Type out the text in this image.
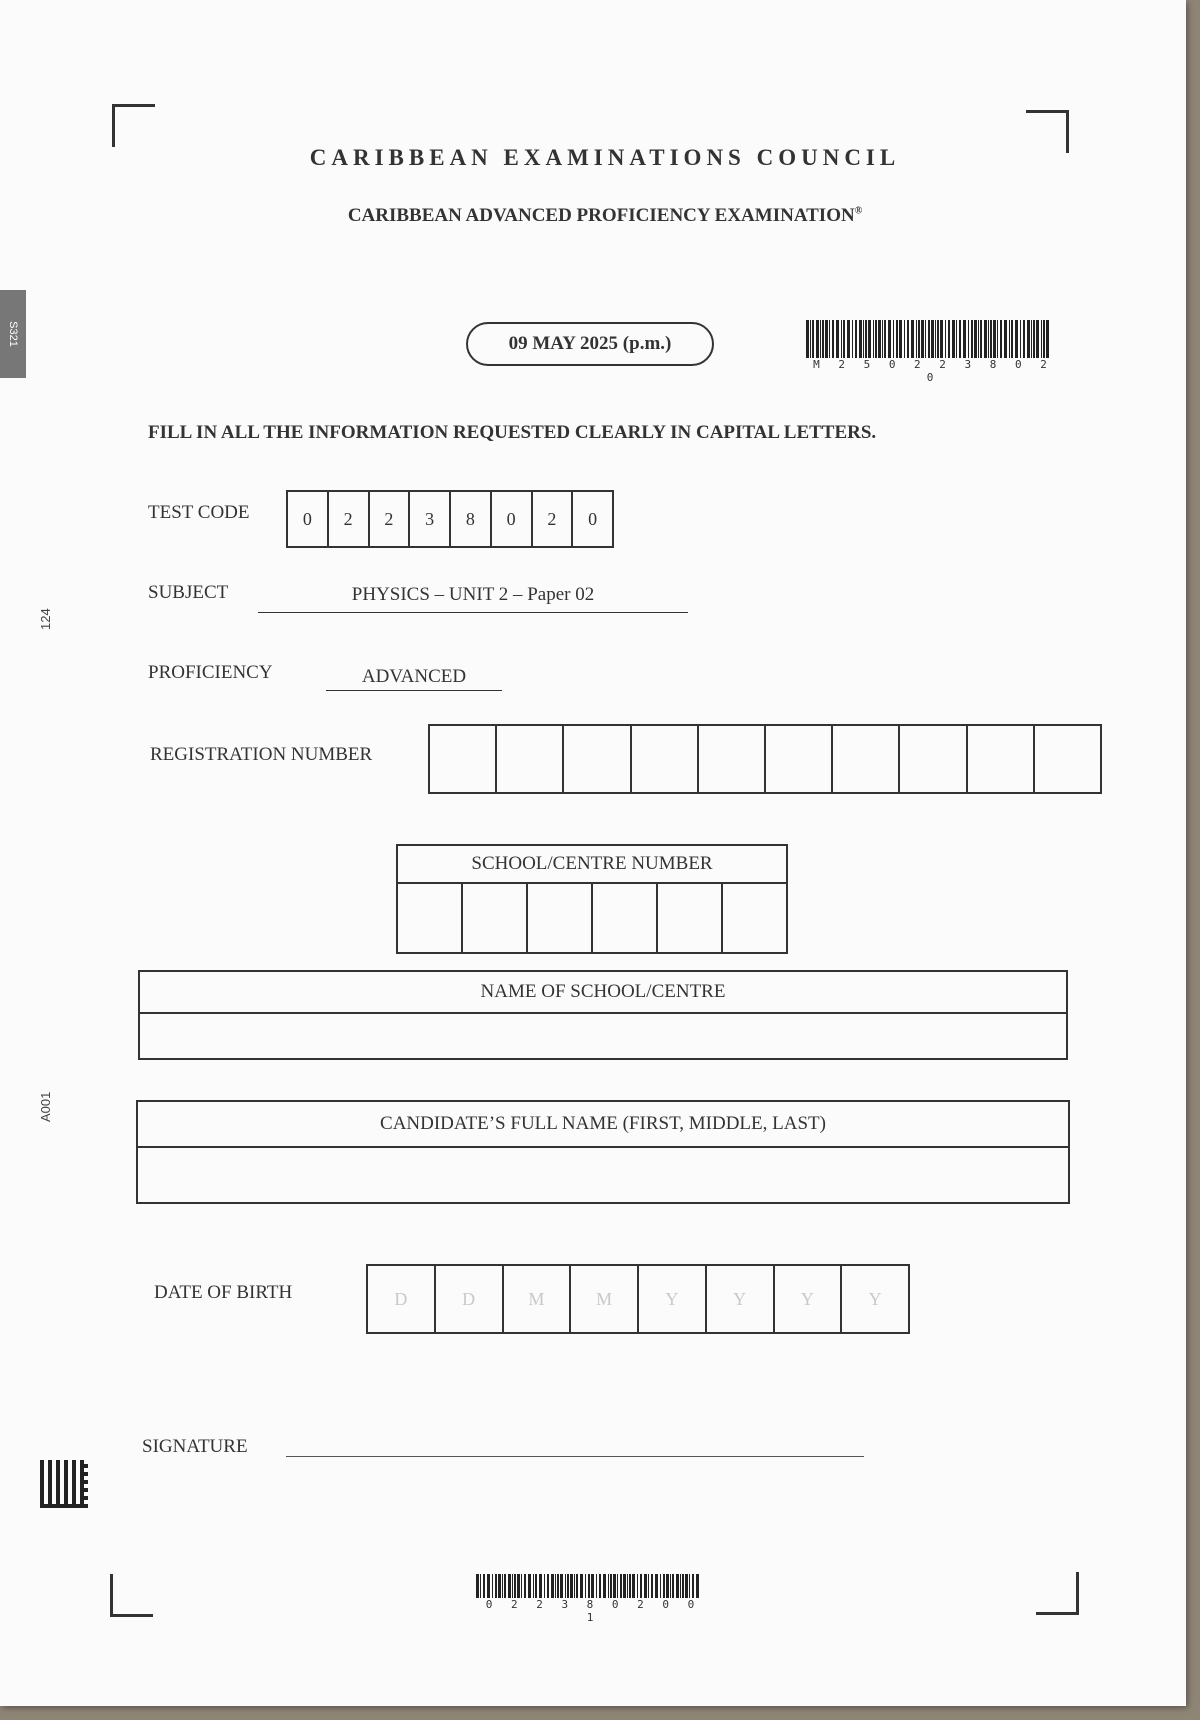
S321
124
A001
CARIBBEAN EXAMINATIONS COUNCIL
CARIBBEAN ADVANCED PROFICIENCY EXAMINATION®
09 MAY 2025 (p.m.)
M 2 5 0 2 2 3 8 0 2 0
FILL IN ALL THE INFORMATION REQUESTED CLEARLY IN CAPITAL LETTERS.
TEST CODE	0	2	2	3	8	0	2	0
SUBJECT	PHYSICS – UNIT 2 – Paper 02
PROFICIENCY	ADVANCED
REGISTRATION NUMBER
SCHOOL/CENTRE NUMBER
NAME OF SCHOOL/CENTRE
CANDIDATE’S FULL NAME (FIRST, MIDDLE, LAST)
DATE OF BIRTH	D	D	M	M	Y	Y	Y	Y
SIGNATURE
0 2 2 3 8 0 2 0 0 1
